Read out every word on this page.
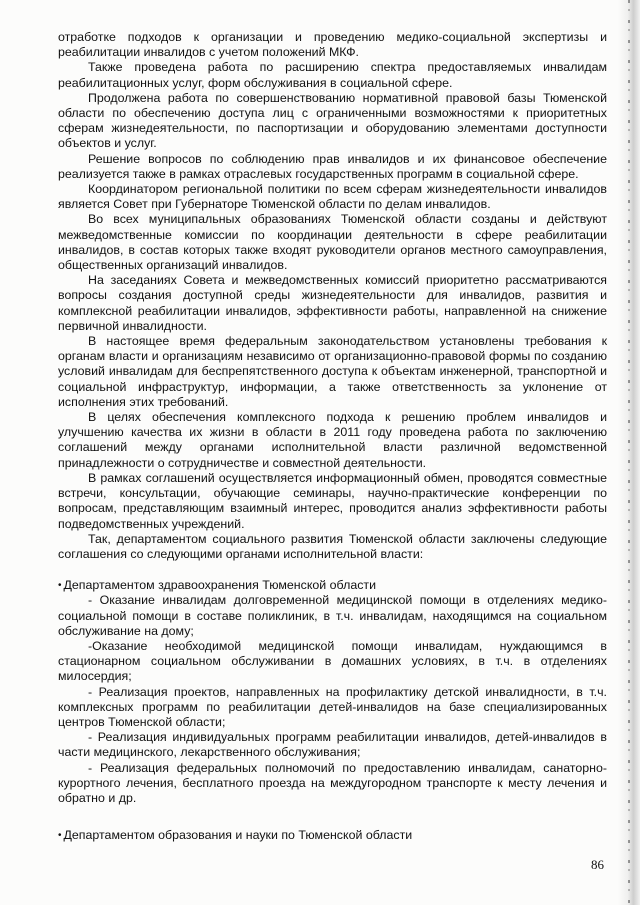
отработке подходов к организации и проведению медико-социальной экспертизы и реабилитации инвалидов с учетом положений МКФ.

Также проведена работа по расширению спектра предоставляемых инвалидам реабилитационных услуг, форм обслуживания в социальной сфере.

Продолжена работа по совершенствованию нормативной правовой базы Тюменской области по обеспечению доступа лиц с ограниченными возможностями к приоритетных сферам жизнедеятельности, по паспортизации и оборудованию элементами доступности объектов и услуг.

Решение вопросов по соблюдению прав инвалидов и их финансовое обеспечение реализуется также в рамках отраслевых государственных программ в социальной сфере.

Координатором региональной политики по всем сферам жизнедеятельности инвалидов является Совет при Губернаторе Тюменской области по делам инвалидов.

Во всех муниципальных образованиях Тюменской области созданы и действуют межведомственные комиссии по координации деятельности в сфере реабилитации инвалидов, в состав которых также входят руководители органов местного самоуправления, общественных организаций инвалидов.

На заседаниях Совета и межведомственных комиссий приоритетно рассматриваются вопросы создания доступной среды жизнедеятельности для инвалидов, развития и комплексной реабилитации инвалидов, эффективности работы, направленной на снижение первичной инвалидности.

В настоящее время федеральным законодательством установлены требования к органам власти и организациям независимо от организационно-правовой формы по созданию условий инвалидам для беспрепятственного доступа к объектам инженерной, транспортной и социальной инфраструктур, информации, а также ответственность за уклонение от исполнения этих требований.

В целях обеспечения комплексного подхода к решению проблем инвалидов и улучшению качества их жизни в области в 2011 году проведена работа по заключению соглашений между органами исполнительной власти различной ведомственной принадлежности о сотрудничестве и совместной деятельности.

В рамках соглашений осуществляется информационный обмен, проводятся совместные встречи, консультации, обучающие семинары, научно-практические конференции по вопросам, представляющим взаимный интерес, проводится анализ эффективности работы подведомственных учреждений.

Так, департаментом социального развития Тюменской области заключены следующие соглашения со следующими органами исполнительной власти:

• Департаментом здравоохранения Тюменской области

- Оказание инвалидам долговременной медицинской помощи в отделениях медико-социальной помощи в составе поликлиник, в т.ч. инвалидам, находящимся на социальном обслуживание на дому;

-Оказание необходимой медицинской помощи инвалидам, нуждающимся в стационарном социальном обслуживании в домашних условиях, в т.ч. в отделениях милосердия;

- Реализация проектов, направленных на профилактику детской инвалидности, в т.ч. комплексных программ по реабилитации детей-инвалидов на базе специализированных центров Тюменской области;

- Реализация индивидуальных программ реабилитации инвалидов, детей-инвалидов в части медицинского, лекарственного обслуживания;

- Реализация федеральных полномочий по предоставлению инвалидам, санаторно-курортного лечения, бесплатного проезда на междугородном транспорте к месту лечения и обратно и др.

• Департаментом образования и науки по Тюменской области

86
